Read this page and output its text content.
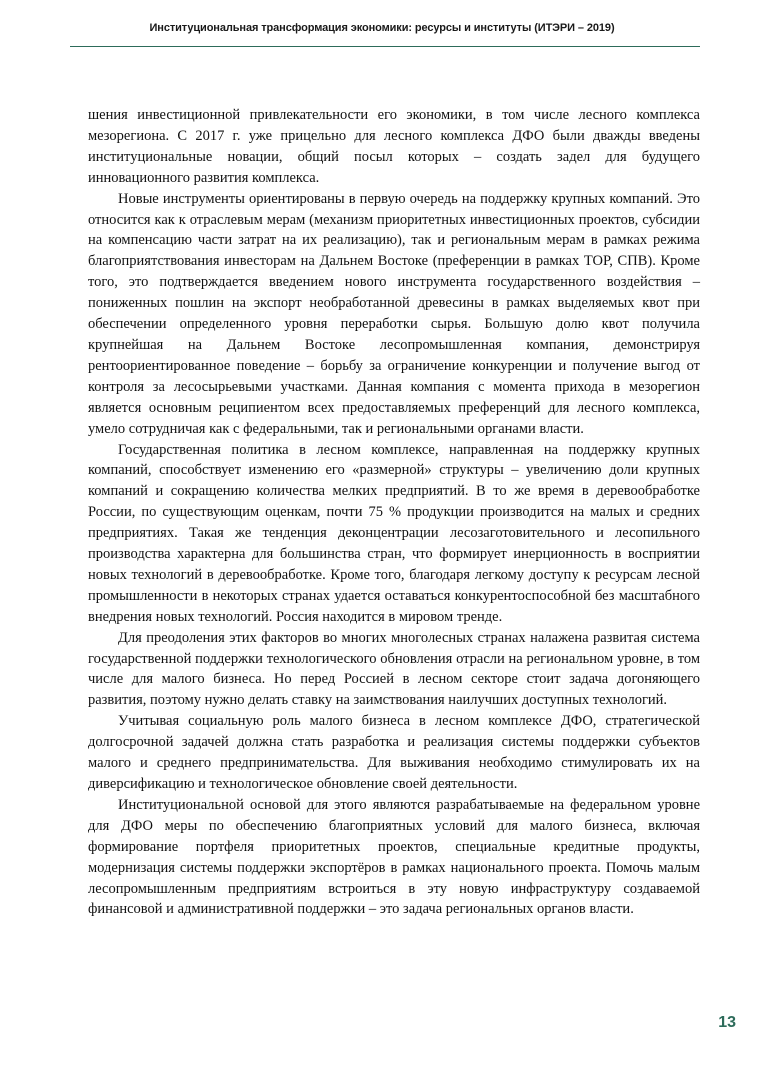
Институциональная трансформация экономики: ресурсы и институты (ИТЭРИ – 2019)

шения инвестиционной привлекательности его экономики, в том числе лесного комплекса мезорегиона. С 2017 г. уже прицельно для лесного комплекса ДФО были дважды введены институциональные новации, общий посыл которых – создать задел для будущего инновационного развития комплекса.

Новые инструменты ориентированы в первую очередь на поддержку крупных компаний. Это относится как к отраслевым мерам (механизм приоритетных инвестиционных проектов, субсидии на компенсацию части затрат на их реализацию), так и региональным мерам в рамках режима благоприятствования инвесторам на Дальнем Востоке (преференции в рамках ТОР, СПВ). Кроме того, это подтверждается введением нового инструмента государственного воздействия – пониженных пошлин на экспорт необработанной древесины в рамках выделяемых квот при обеспечении определенного уровня переработки сырья. Большую долю квот получила крупнейшая на Дальнем Востоке лесопромышленная компания, демонстрируя рентоориентированное поведение – борьбу за ограничение конкуренции и получение выгод от контроля за лесосырьевыми участками. Данная компания с момента прихода в мезорегион является основным реципиентом всех предоставляемых преференций для лесного комплекса, умело сотрудничая как с федеральными, так и региональными органами власти.

Государственная политика в лесном комплексе, направленная на поддержку крупных компаний, способствует изменению его «размерной» структуры – увеличению доли крупных компаний и сокращению количества мелких предприятий. В то же время в деревообработке России, по существующим оценкам, почти 75 % продукции производится на малых и средних предприятиях. Такая же тенденция деконцентрации лесозаготовительного и лесопильного производства характерна для большинства стран, что формирует инерционность в восприятии новых технологий в деревообработке. Кроме того, благодаря легкому доступу к ресурсам лесной промышленности в некоторых странах удается оставаться конкурентоспособной без масштабного внедрения новых технологий. Россия находится в мировом тренде.

Для преодоления этих факторов во многих многолесных странах налажена развитая система государственной поддержки технологического обновления отрасли на региональном уровне, в том числе для малого бизнеса. Но перед Россией в лесном секторе стоит задача догоняющего развития, поэтому нужно делать ставку на заимствования наилучших доступных технологий.

Учитывая социальную роль малого бизнеса в лесном комплексе ДФО, стратегической долгосрочной задачей должна стать разработка и реализация системы поддержки субъектов малого и среднего предпринимательства. Для выживания необходимо стимулировать их на диверсификацию и технологическое обновление своей деятельности.

Институциональной основой для этого являются разрабатываемые на федеральном уровне для ДФО меры по обеспечению благоприятных условий для малого бизнеса, включая формирование портфеля приоритетных проектов, специальные кредитные продукты, модернизация системы поддержки экспортёров в рамках национального проекта. Помочь малым лесопромышленным предприятиям встроиться в эту новую инфраструктуру создаваемой финансовой и административной поддержки – это задача региональных органов власти.

13
